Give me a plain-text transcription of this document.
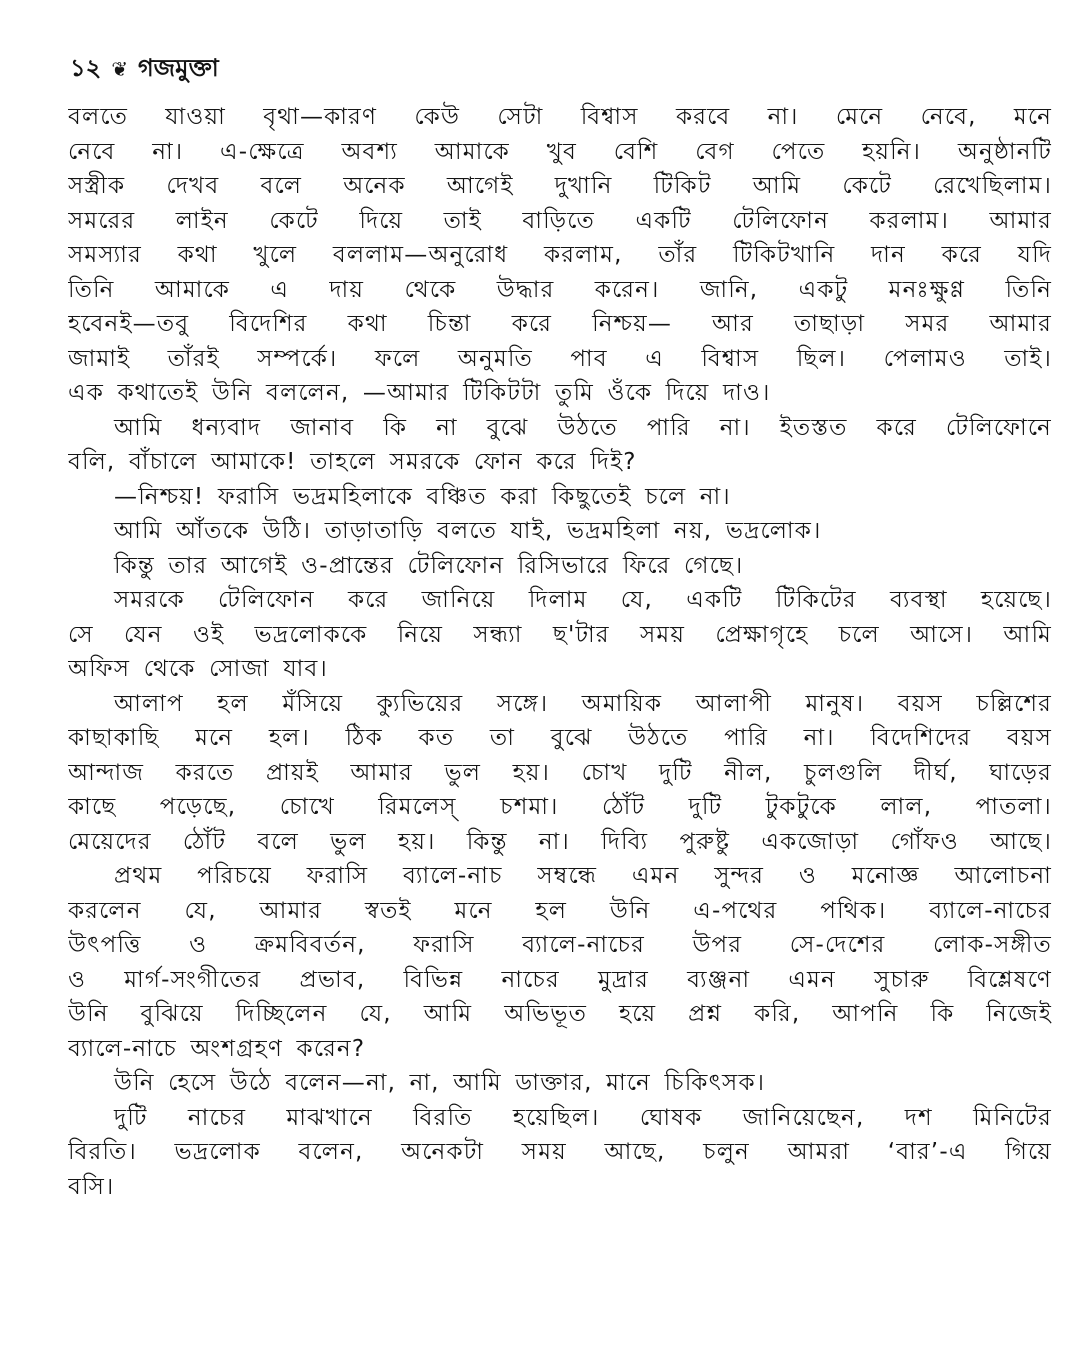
১২ ❦ গজমুক্তা
বলতে যাওয়া বৃথা—কারণ কেউ সেটা বিশ্বাস করবে না। মেনে নেবে, মনে
নেবে না। এ-ক্ষেত্রে অবশ্য আমাকে খুব বেশি বেগ পেতে হয়নি। অনুষ্ঠানটি
সস্ত্রীক দেখব বলে অনেক আগেই দুখানি টিকিট আমি কেটে রেখেছিলাম।
সমরের লাইন কেটে দিয়ে তাই বাড়িতে একটি টেলিফোন করলাম। আমার
সমস্যার কথা খুলে বললাম—অনুরোধ করলাম, তাঁর টিকিটখানি দান করে যদি
তিনি আমাকে এ দায় থেকে উদ্ধার করেন। জানি, একটু মনঃক্ষুণ্ণ তিনি
হবেনই—তবু বিদেশির কথা চিন্তা করে নিশ্চয়— আর তাছাড়া সমর আমার
জামাই তাঁরই সম্পর্কে। ফলে অনুমতি পাব এ বিশ্বাস ছিল। পেলামও তাই।
এক কথাতেই উনি বললেন, —আমার টিকিটটা তুমি ওঁকে দিয়ে দাও।
আমি ধন্যবাদ জানাব কি না বুঝে উঠতে পারি না। ইতস্তত করে টেলিফোনে
বলি, বাঁচালে আমাকে! তাহলে সমরকে ফোন করে দিই?
—নিশ্চয়! ফরাসি ভদ্রমহিলাকে বঞ্চিত করা কিছুতেই চলে না।
আমি আঁতকে উঠি। তাড়াতাড়ি বলতে যাই, ভদ্রমহিলা নয়, ভদ্রলোক।
কিন্তু তার আগেই ও-প্রান্তের টেলিফোন রিসিভারে ফিরে গেছে।
সমরকে টেলিফোন করে জানিয়ে দিলাম যে, একটি টিকিটের ব্যবস্থা হয়েছে।
সে যেন ওই ভদ্রলোককে নিয়ে সন্ধ্যা ছ'টার সময় প্রেক্ষাগৃহে চলে আসে। আমি
অফিস থেকে সোজা যাব।
আলাপ হল মঁসিয়ে ক্যুভিয়ের সঙ্গে। অমায়িক আলাপী মানুষ। বয়স চল্লিশের
কাছাকাছি মনে হল। ঠিক কত তা বুঝে উঠতে পারি না। বিদেশিদের বয়স
আন্দাজ করতে প্রায়ই আমার ভুল হয়। চোখ দুটি নীল, চুলগুলি দীর্ঘ, ঘাড়ের
কাছে পড়েছে, চোখে রিমলেস্ চশমা। ঠোঁট দুটি টুকটুকে লাল, পাতলা।
মেয়েদের ঠোঁট বলে ভুল হয়। কিন্তু না। দিব্যি পুরুষ্টু একজোড়া গোঁফও আছে।
প্রথম পরিচয়ে ফরাসি ব্যালে-নাচ সম্বন্ধে এমন সুন্দর ও মনোজ্ঞ আলোচনা
করলেন যে, আমার স্বতই মনে হল উনি এ-পথের পথিক। ব্যালে-নাচের
উৎপত্তি ও ক্রমবিবর্তন, ফরাসি ব্যালে-নাচের উপর সে-দেশের লোক-সঙ্গীত
ও মার্গ-সংগীতের প্রভাব, বিভিন্ন নাচের মুদ্রার ব্যঞ্জনা এমন সুচারু বিশ্লেষণে
উনি বুঝিয়ে দিচ্ছিলেন যে, আমি অভিভূত হয়ে প্রশ্ন করি, আপনি কি নিজেই
ব্যালে-নাচে অংশগ্রহণ করেন?
উনি হেসে উঠে বলেন—না, না, আমি ডাক্তার, মানে চিকিৎসক।
দুটি নাচের মাঝখানে বিরতি হয়েছিল। ঘোষক জানিয়েছেন, দশ মিনিটের
বিরতি। ভদ্রলোক বলেন, অনেকটা সময় আছে, চলুন আমরা ‘বার’-এ গিয়ে
বসি।
